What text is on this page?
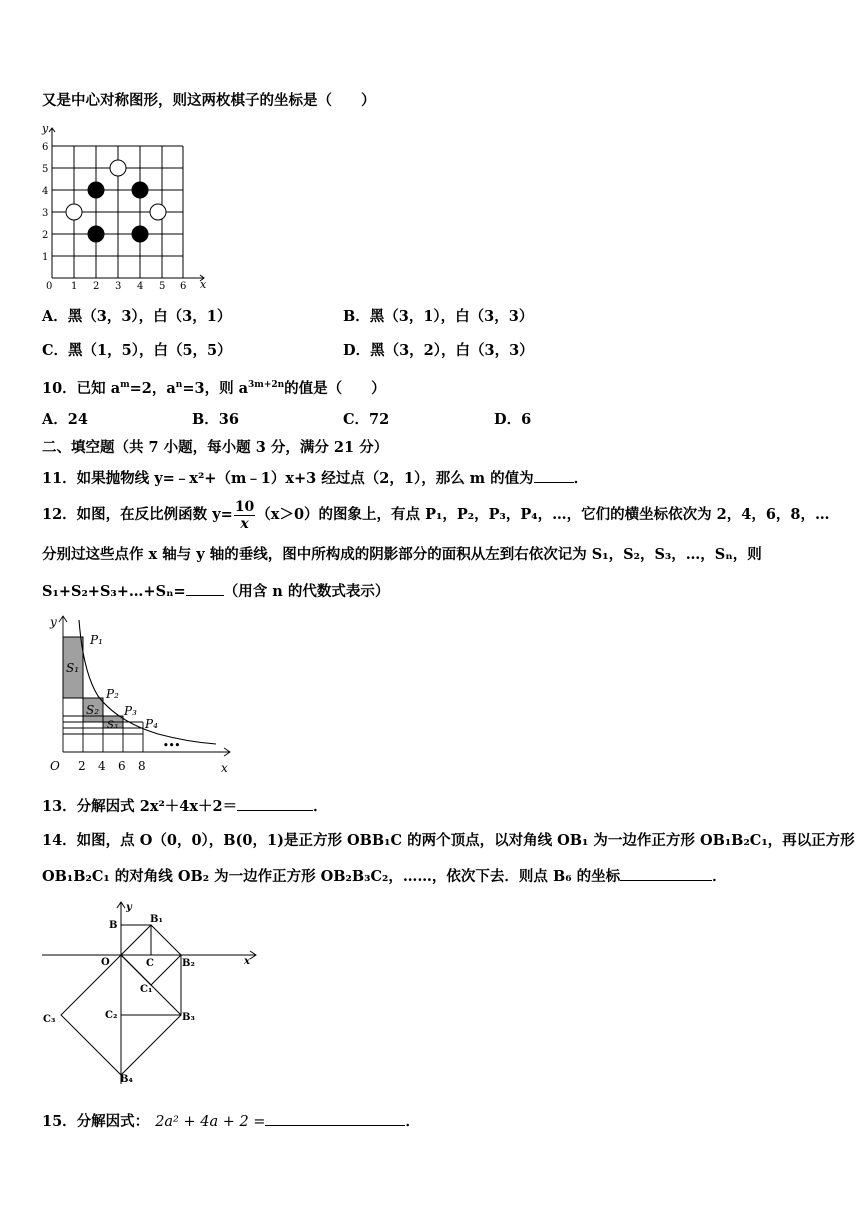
又是中心对称图形，则这两枚棋子的坐标是（　　）
y
x
0 1 2 3 4 5 6
1
2
3
4
5
6
A．黑（3，3），白（3，1）	B．黑（3，1），白（3，3）
C．黑（1，5），白（5，5）	D．黑（3，2），白（3，3）
10．已知 $a^m=2$，$a^n=3$，则 $a^{3m+2n}$的值是（　　）
A．24	B．36	C．72	D．6
二、填空题（共 7 小题，每小题 3 分，满分 21 分）
11．如果抛物线 y=﹣x²+（m﹣1）x+3 经过点（2，1），那么 m 的值为	．
12．如图，在反比例函数 $y= \frac{10}{x} (x>0)$的图象上，有点 P₁，P₂，P₃，P₄，…，它们的横坐标依次为 2，4，6，8，…
分别过这些点作 x 轴与 y 轴的垂线，图中所构成的阴影部分的面积从左到右依次记为 S₁，S₂，S₃，…，Sₙ，则
S₁+S₂+S₃+…+Sₙ=	（用含 n 的代数式表示）
y
x
O
P₁
P₂
P₃
P₄
S₁
S₂
S₃
2 4 6 8
•••
13．分解因式 2x²＋4x＋2＝	．
14．如图，点 O（0，0），B(0，1)是正方形 OBB₁C 的两个顶点，以对角线 OB₁ 为一边作正方形 OB₁B₂C₁，再以正方形
OB₁B₂C₁ 的对角线 OB₂ 为一边作正方形 OB₂B₃C₂，……，依次下去．则点 B₆ 的坐标	．
y
x
B
B₁
O	C	B₂
C₁
C₂	B₃
C₃
B₄
15．分解因式： 2a² + 4a + 2 =	．
